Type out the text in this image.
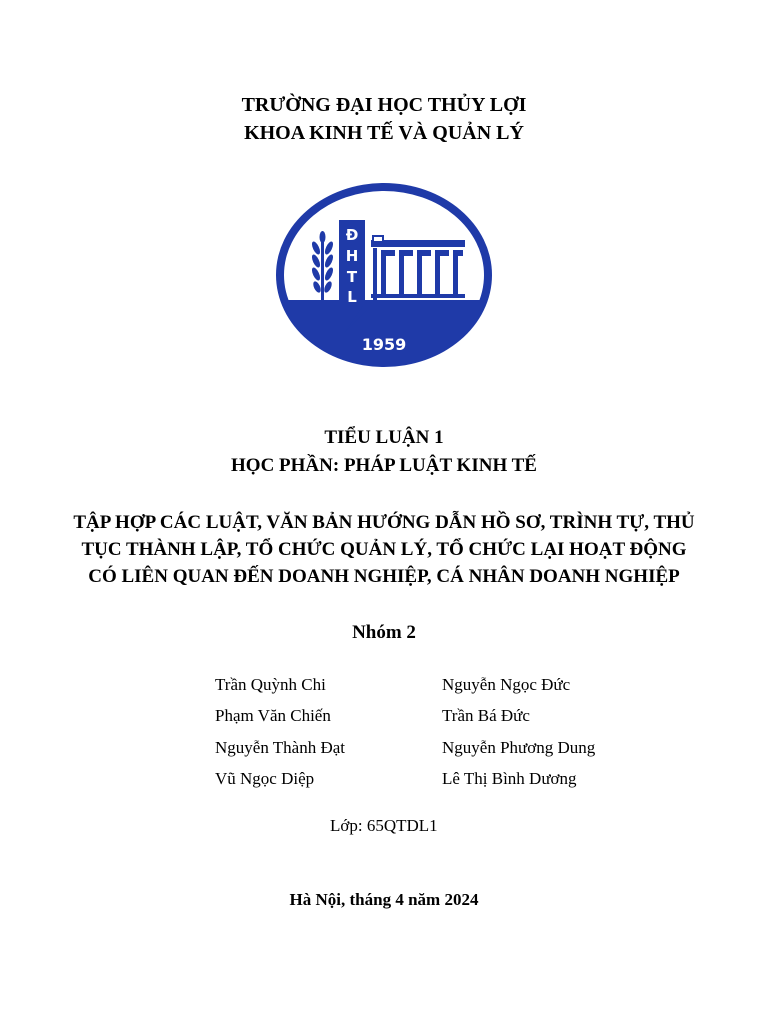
TRƯỜNG ĐẠI HỌC THỦY LỢI
KHOA KINH TẾ VÀ QUẢN LÝ
Đ
H
T
L
1959
TIỂU LUẬN 1
HỌC PHẦN: PHÁP LUẬT KINH TẾ
TẬP HỢP CÁC LUẬT, VĂN BẢN HƯỚNG DẪN HỒ SƠ, TRÌNH TỰ, THỦ
TỤC THÀNH LẬP, TỔ CHỨC QUẢN LÝ, TỔ CHỨC LẠI HOẠT ĐỘNG
CÓ LIÊN QUAN ĐẾN DOANH NGHIỆP, CÁ NHÂN DOANH NGHIỆP
Nhóm 2
Trần Quỳnh Chi
Phạm Văn Chiến
Nguyễn Thành Đạt
Vũ Ngọc Diệp
Nguyễn Ngọc Đức
Trần Bá Đức
Nguyễn Phương Dung
Lê Thị Bình Dương
Lớp: 65QTDL1
Hà Nội, tháng 4 năm 2024
